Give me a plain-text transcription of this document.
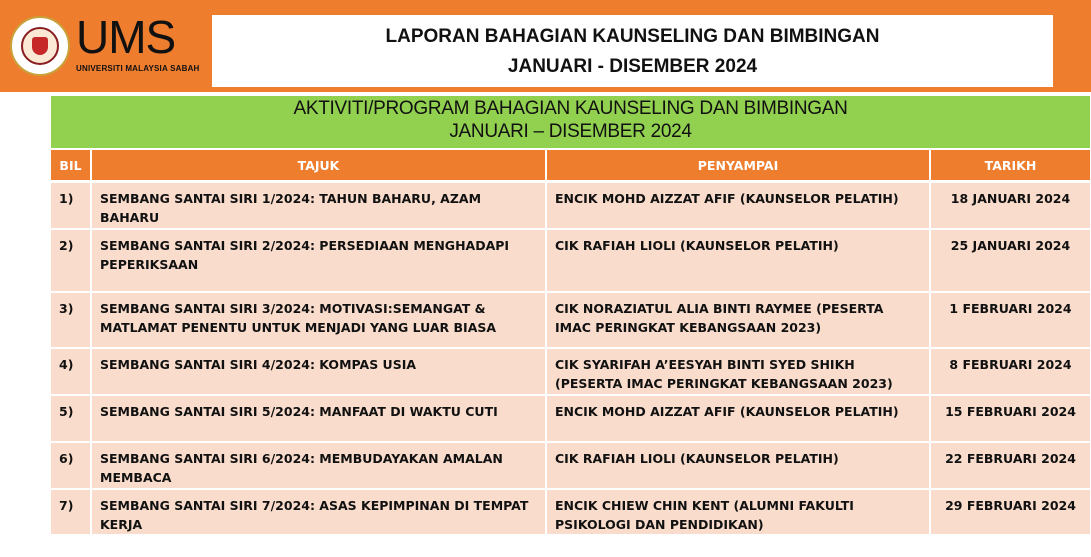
UMS
UNIVERSITI MALAYSIA SABAH
LAPORAN BAHAGIAN KAUNSELING DAN BIMBINGAN
JANUARI - DISEMBER 2024
AKTIVITI/PROGRAM BAHAGIAN KAUNSELING DAN BIMBINGAN
JANUARI – DISEMBER 2024
BIL	TAJUK	PENYAMPAI	TARIKH
1)	SEMBANG SANTAI SIRI 1/2024: TAHUN BAHARU, AZAM BAHARU	ENCIK MOHD AIZZAT AFIF (KAUNSELOR PELATIH)	18 JANUARI 2024
2)	SEMBANG SANTAI SIRI 2/2024: PERSEDIAAN MENGHADAPI PEPERIKSAAN	CIK RAFIAH LIOLI (KAUNSELOR PELATIH)	25 JANUARI 2024
3)	SEMBANG SANTAI SIRI 3/2024: MOTIVASI:SEMANGAT & MATLAMAT PENENTU UNTUK MENJADI YANG LUAR BIASA	CIK NORAZIATUL ALIA BINTI RAYMEE (PESERTA IMAC PERINGKAT KEBANGSAAN 2023)	1 FEBRUARI 2024
4)	SEMBANG SANTAI SIRI 4/2024: KOMPAS USIA	CIK SYARIFAH A’EESYAH BINTI SYED SHIKH (PESERTA IMAC PERINGKAT KEBANGSAAN 2023)	8 FEBRUARI 2024
5)	SEMBANG SANTAI SIRI 5/2024: MANFAAT DI WAKTU CUTI	ENCIK MOHD AIZZAT AFIF (KAUNSELOR PELATIH)	15 FEBRUARI 2024
6)	SEMBANG SANTAI SIRI 6/2024: MEMBUDAYAKAN AMALAN MEMBACA	CIK RAFIAH LIOLI (KAUNSELOR PELATIH)	22 FEBRUARI 2024
7)	SEMBANG SANTAI SIRI 7/2024: ASAS KEPIMPINAN DI TEMPAT KERJA	ENCIK CHIEW CHIN KENT (ALUMNI FAKULTI PSIKOLOGI DAN PENDIDIKAN)	29 FEBRUARI 2024
